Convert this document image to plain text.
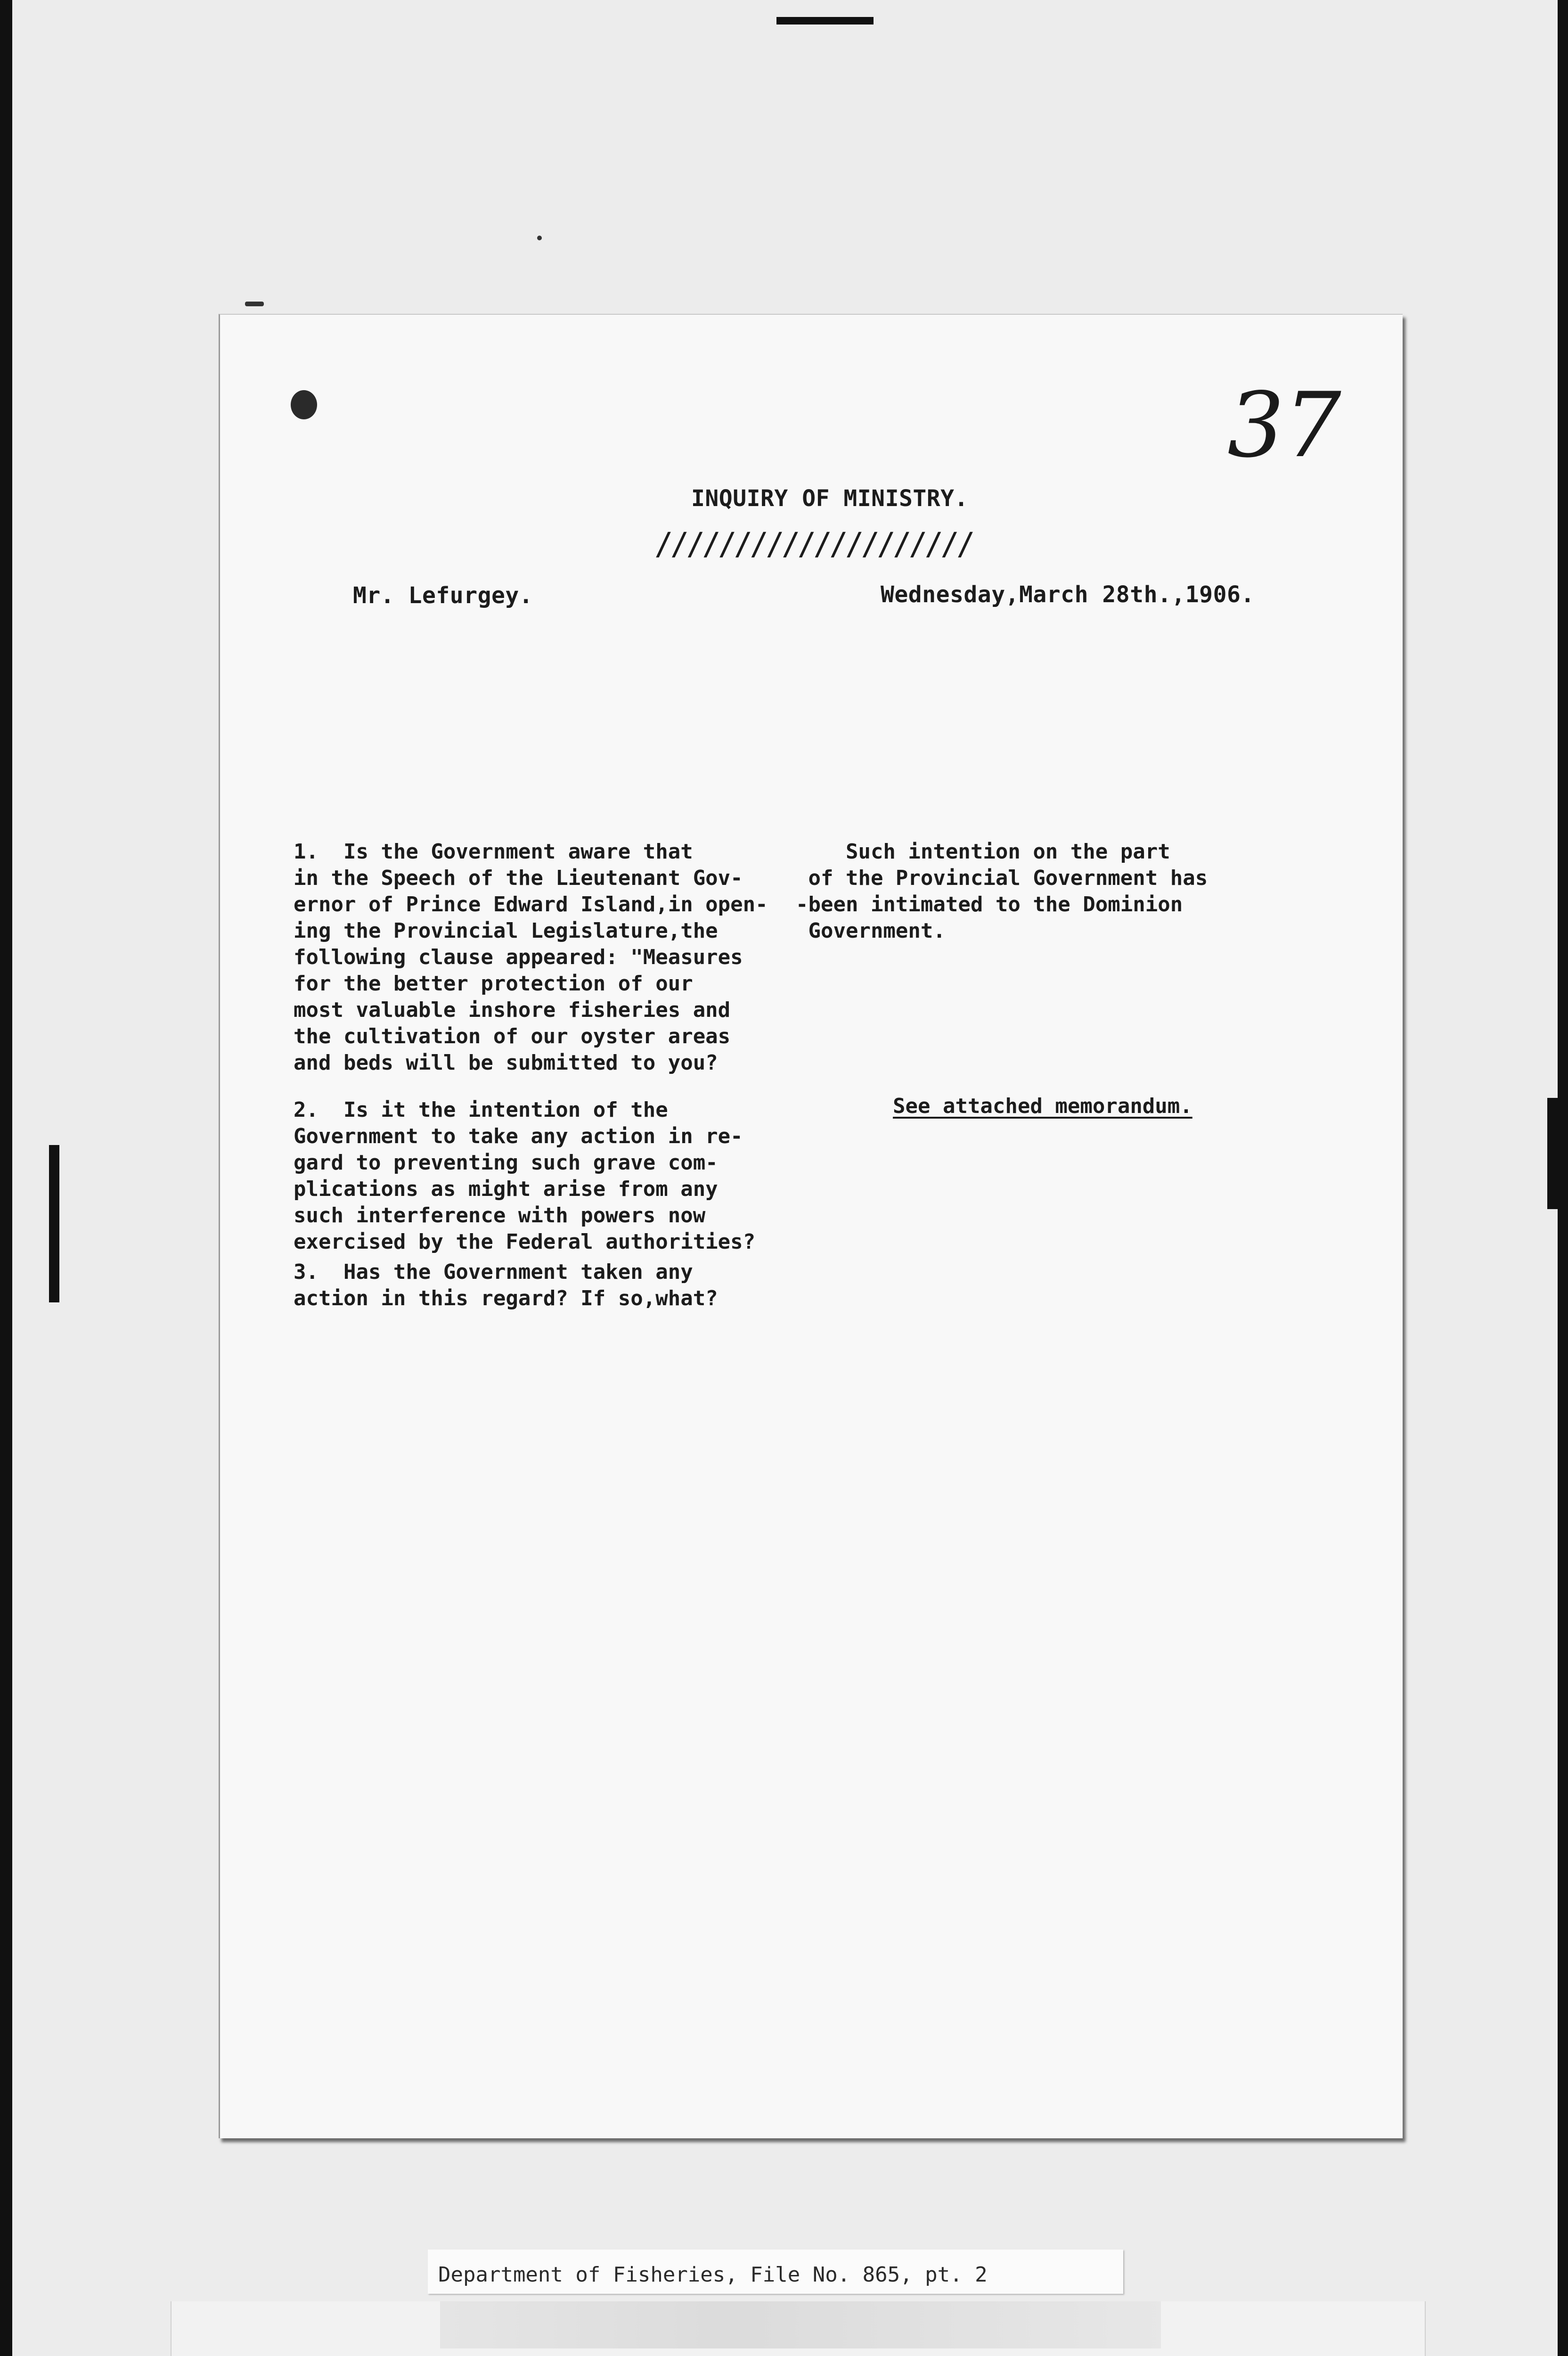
37
INQUIRY OF MINISTRY.
////////////////////
Mr. Lefurgey.	Wednesday,March 28th.,1906.
1.  Is the Government aware that
in the Speech of the Lieutenant Gov-
ernor of Prince Edward Island,in open-
ing the Provincial Legislature,the
following clause appeared: "Measures
for the better protection of our
most valuable inshore fisheries and
the cultivation of our oyster areas
and beds will be submitted to you?
2.  Is it the intention of the
Government to take any action in re-
gard to preventing such grave com-
plications as might arise from any
such interference with powers now
exercised by the Federal authorities?
3.  Has the Government taken any
action in this regard? If so,what?
Such intention on the part
of the Provincial Government has
-been intimated to the Dominion
Government.
See attached memorandum.
Department of Fisheries, File No. 865, pt. 2
